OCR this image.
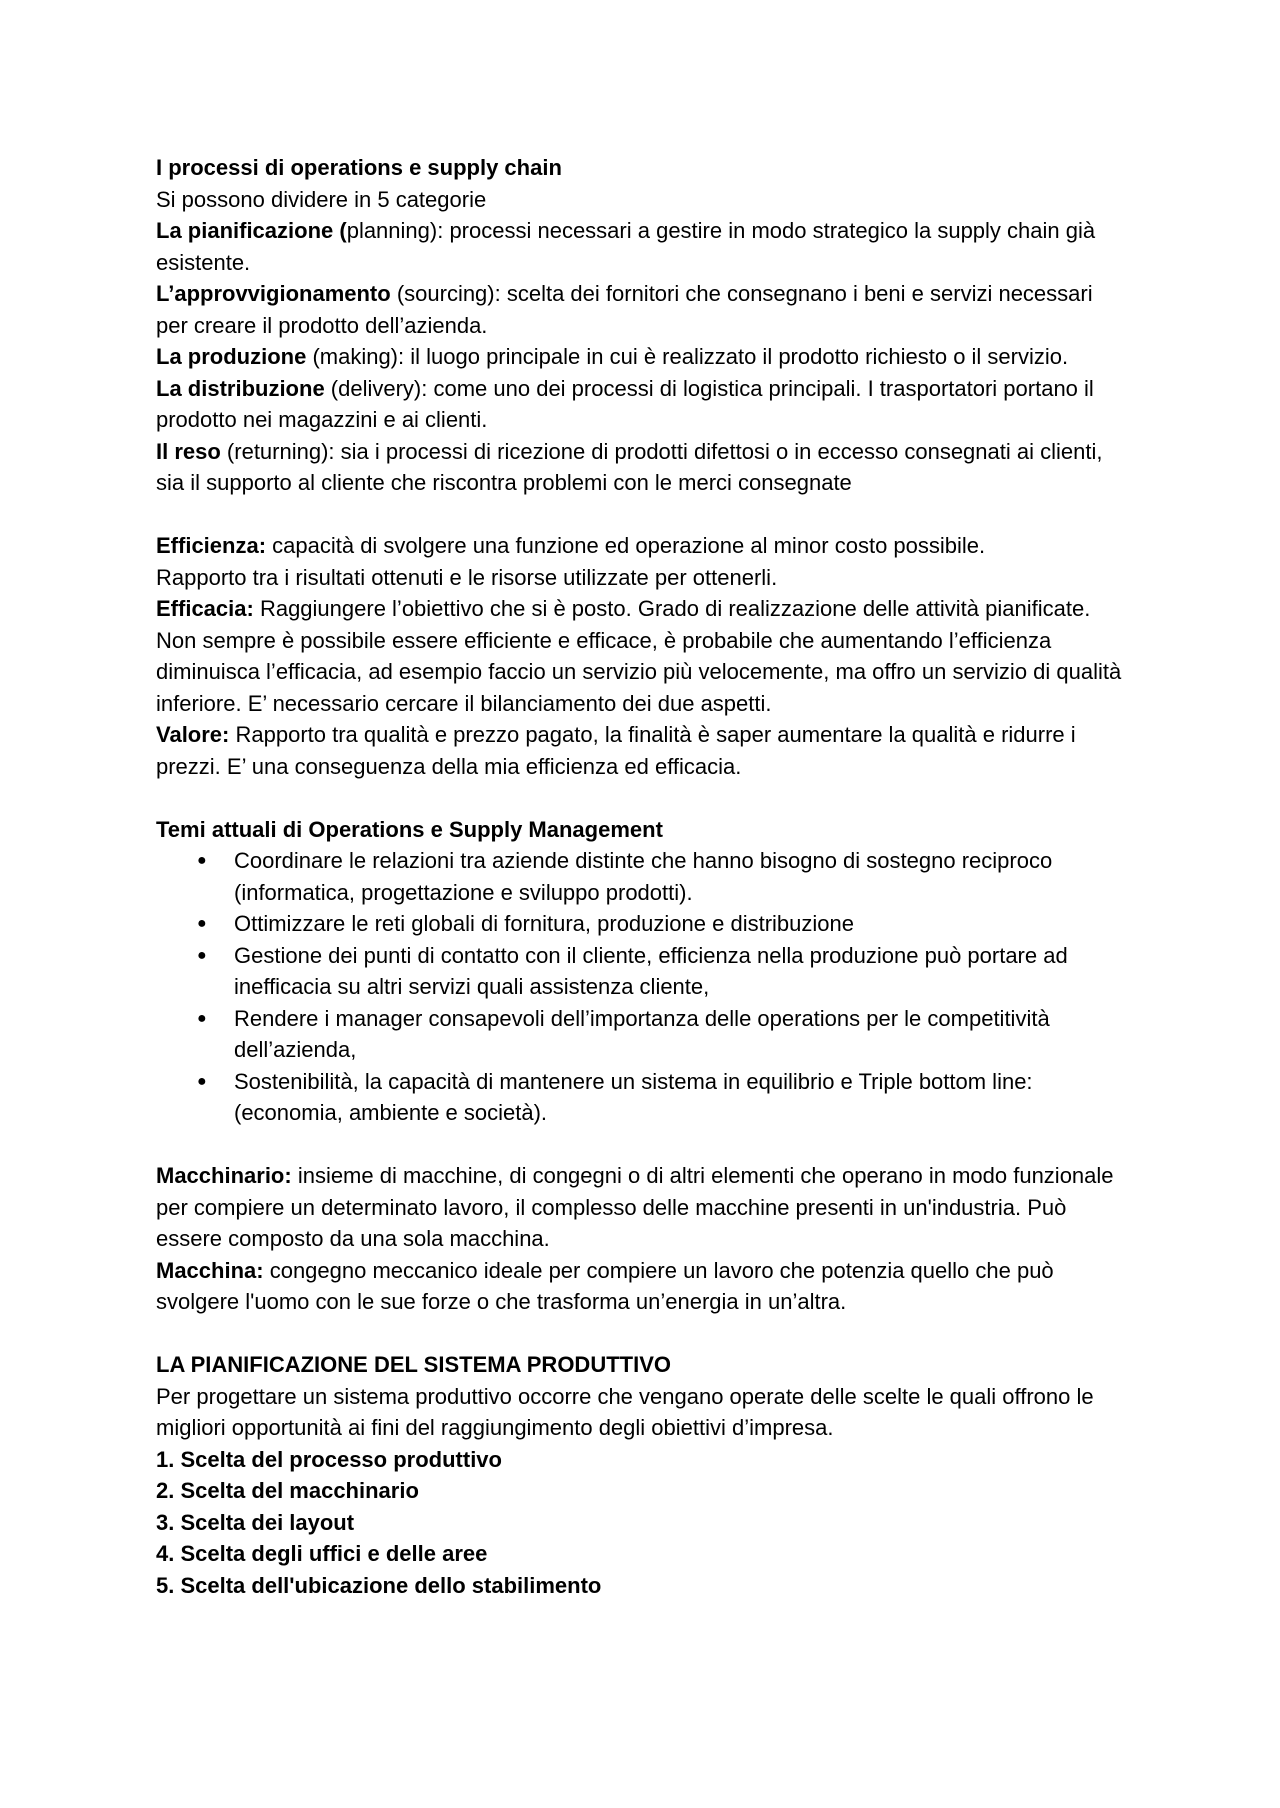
I processi di operations e supply chain

Si possono dividere in 5 categorie

La pianificazione (planning): processi necessari a gestire in modo strategico la supply chain già esistente.

L’approvvigionamento (sourcing): scelta dei fornitori che consegnano i beni e servizi necessari per creare il prodotto dell’azienda.

La produzione (making): il luogo principale in cui è realizzato il prodotto richiesto o il servizio.

La distribuzione (delivery): come uno dei processi di logistica principali. I trasportatori portano il prodotto nei magazzini e ai clienti.

Il reso (returning): sia i processi di ricezione di prodotti difettosi o in eccesso consegnati ai clienti, sia il supporto al cliente che riscontra problemi con le merci consegnate

Efficienza: capacità di svolgere una funzione ed operazione al minor costo possibile.

Rapporto tra i risultati ottenuti e le risorse utilizzate per ottenerli.

Efficacia: Raggiungere l’obiettivo che si è posto. Grado di realizzazione delle attività pianificate.

Non sempre è possibile essere efficiente e efficace, è probabile che aumentando l’efficienza diminuisca l’efficacia, ad esempio faccio un servizio più velocemente, ma offro un servizio di qualità inferiore. E’ necessario cercare il bilanciamento dei due aspetti.

Valore: Rapporto tra qualità e prezzo pagato, la finalità è saper aumentare la qualità e ridurre i prezzi. E’ una conseguenza della mia efficienza ed efficacia.

Temi attuali di Operations e Supply Management

● Coordinare le relazioni tra aziende distinte che hanno bisogno di sostegno reciproco (informatica, progettazione e sviluppo prodotti).
● Ottimizzare le reti globali di fornitura, produzione e distribuzione
● Gestione dei punti di contatto con il cliente, efficienza nella produzione può portare ad inefficacia su altri servizi quali assistenza cliente,
● Rendere i manager consapevoli dell’importanza delle operations per le competitività dell’azienda,
● Sostenibilità, la capacità di mantenere un sistema in equilibrio e Triple bottom line: (economia, ambiente e società).

Macchinario: insieme di macchine, di congegni o di altri elementi che operano in modo funzionale per compiere un determinato lavoro, il complesso delle macchine presenti in un'industria. Può essere composto da una sola macchina.

Macchina: congegno meccanico ideale per compiere un lavoro che potenzia quello che può svolgere l'uomo con le sue forze o che trasforma un’energia in un’altra.

LA PIANIFICAZIONE DEL SISTEMA PRODUTTIVO

Per progettare un sistema produttivo occorre che vengano operate delle scelte le quali offrono le migliori opportunità ai fini del raggiungimento degli obiettivi d’impresa.

1. Scelta del processo produttivo

2. Scelta del macchinario

3. Scelta dei layout

4. Scelta degli uffici e delle aree

5. Scelta dell'ubicazione dello stabilimento
